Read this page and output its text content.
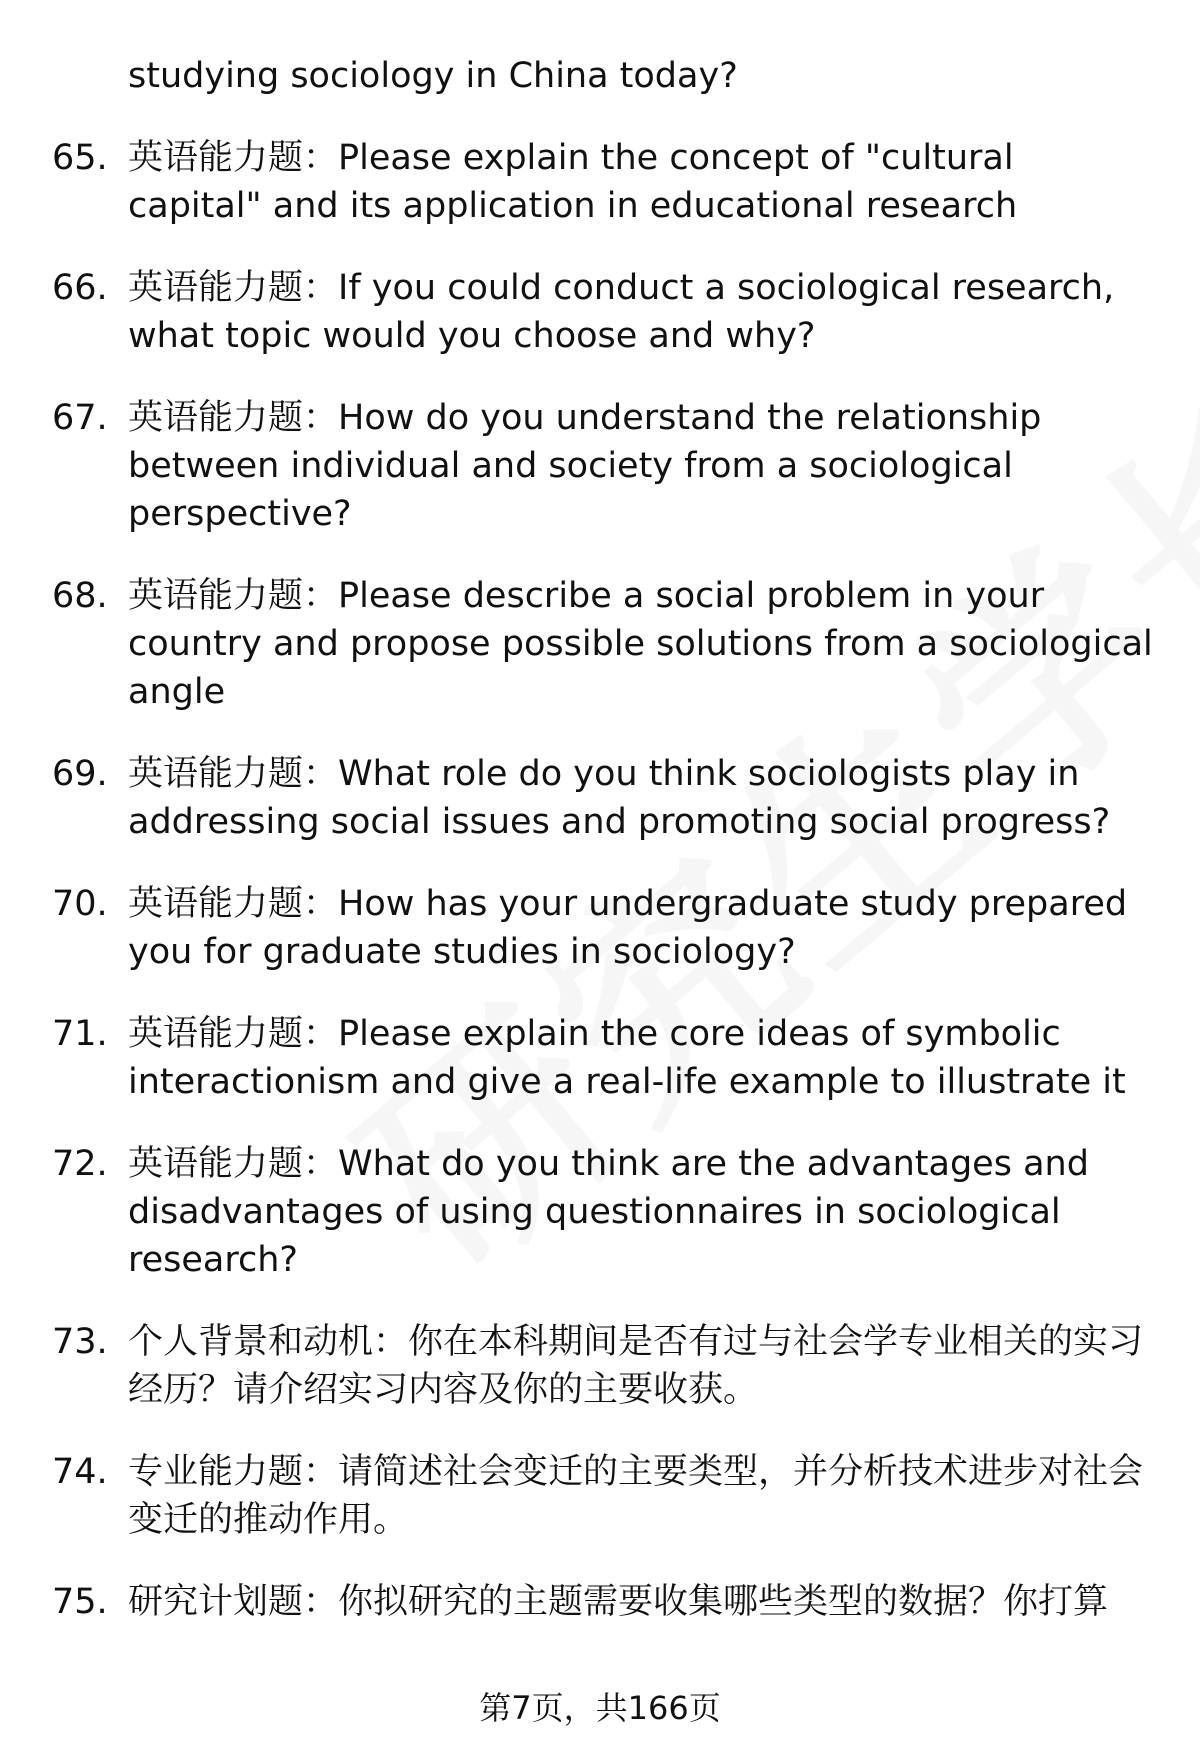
studying sociology in China today?
65. 英语能力题：Please explain the concept of "cultural capital" and its application in educational research
66. 英语能力题：If you could conduct a sociological research, what topic would you choose and why?
67. 英语能力题：How do you understand the relationship between individual and society from a sociological perspective?
68. 英语能力题：Please describe a social problem in your country and propose possible solutions from a sociological angle
69. 英语能力题：What role do you think sociologists play in addressing social issues and promoting social progress?
70. 英语能力题：How has your undergraduate study prepared you for graduate studies in sociology?
71. 英语能力题：Please explain the core ideas of symbolic interactionism and give a real-life example to illustrate it
72. 英语能力题：What do you think are the advantages and disadvantages of using questionnaires in sociological research?
73. 个人背景和动机：你在本科期间是否有过与社会学专业相关的实习经历？请介绍实习内容及你的主要收获。
74. 专业能力题：请简述社会变迁的主要类型，并分析技术进步对社会变迁的推动作用。
75. 研究计划题：你拟研究的主题需要收集哪些类型的数据？你打算
第7页，共166页
